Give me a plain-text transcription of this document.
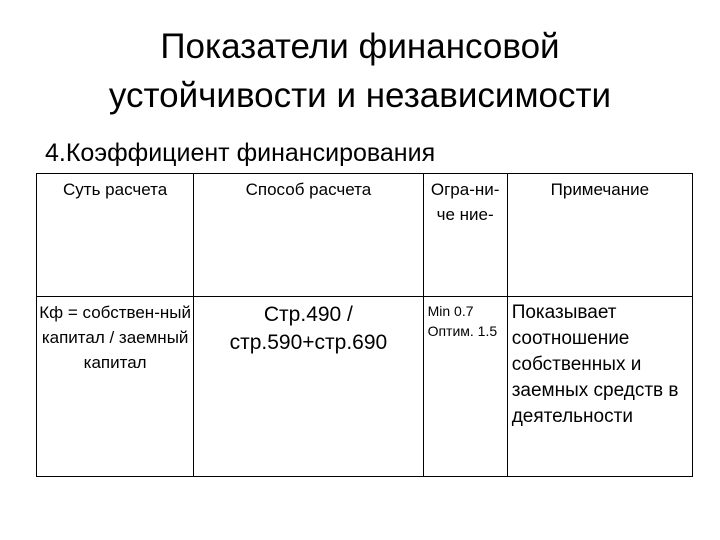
Показатели финансовой
устойчивости и независимости
4.Коэффициент финансирования
Суть расчета	Способ расчета	Огра-ни-че ние-	Примечание

Кф = собствен-ный капитал / заемный капитал	Стр.490 / стр.590+стр.690	Min 0.7 Оптим. 1.5	Показывает соотношение собственных и заемных средств в деятельности
